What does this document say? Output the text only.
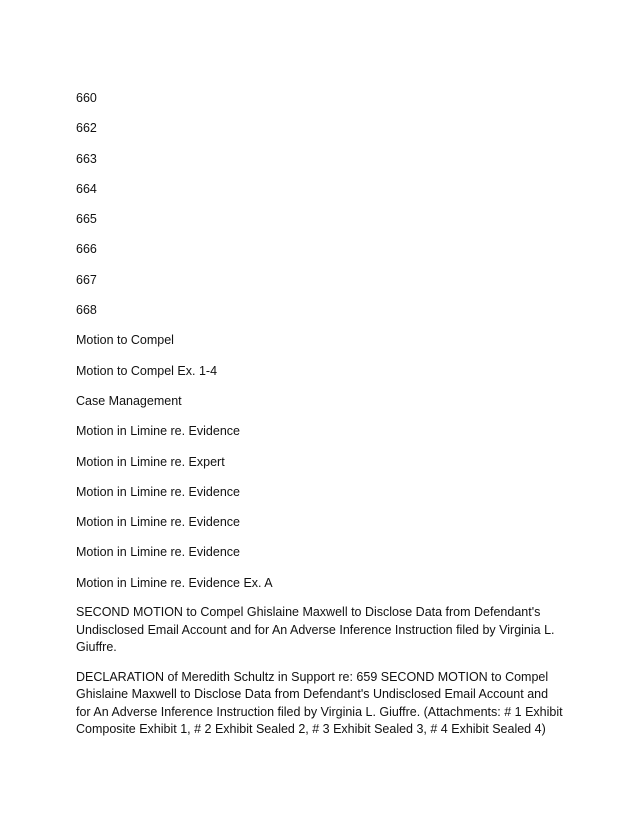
660
662
663
664
665
666
667
668
Motion to Compel
Motion to Compel Ex. 1-4
Case Management
Motion in Limine re. Evidence
Motion in Limine re. Expert
Motion in Limine re. Evidence
Motion in Limine re. Evidence
Motion in Limine re. Evidence
Motion in Limine re. Evidence Ex. A
SECOND MOTION to Compel Ghislaine Maxwell to Disclose Data from Defendant's Undisclosed Email Account and for An Adverse Inference Instruction filed by Virginia L. Giuffre.
DECLARATION of Meredith Schultz in Support re: 659 SECOND MOTION to Compel Ghislaine Maxwell to Disclose Data from Defendant's Undisclosed Email Account and for An Adverse Inference Instruction filed by Virginia L. Giuffre. (Attachments: # 1 Exhibit Composite Exhibit 1, # 2 Exhibit Sealed 2, # 3 Exhibit Sealed 3, # 4 Exhibit Sealed 4)
